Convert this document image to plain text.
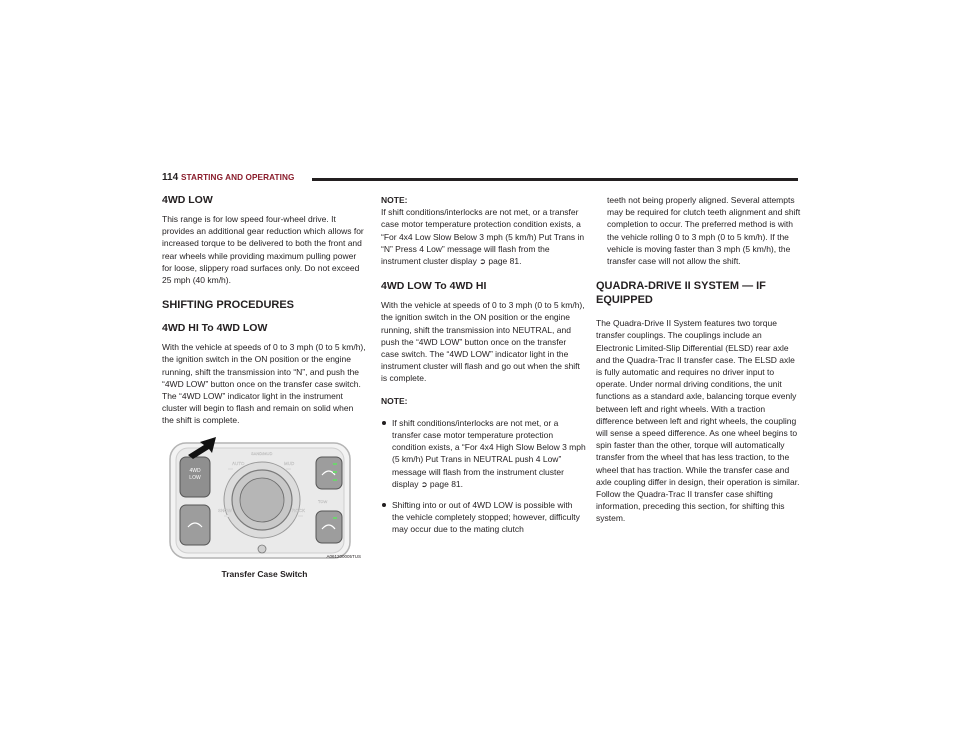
114 STARTING AND OPERATING
4WD LOW

This range is for low speed four-wheel drive. It provides an additional gear reduction which allows for increased torque to be delivered to both the front and rear wheels while providing maximum pulling power for loose, slippery road surfaces only. Do not exceed 25 mph (40 km/h).

SHIFTING PROCEDURES
4WD HI To 4WD LOW

With the vehicle at speeds of 0 to 3 mph (0 to 5 km/h), the ignition switch in the ON position or the engine running, shift the transmission into “N”, and push the “4WD LOW” button once on the transfer case switch. The “4WD LOW” indicator light in the instrument cluster will begin to flash and remain on solid when the shift is complete.

4WD
LOW
AUTO
SAND/MUD
MUD
SNOW	ROCK
TOW
A061200005TUS
Transfer Case Switch

NOTE:

If shift conditions/interlocks are not met, or a transfer case motor temperature protection condition exists, a “For 4x4 Low Slow Below 3 mph (5 km/h) Put Trans in “N” Press 4 Low” message will flash from the instrument cluster display ➲ page 81.

4WD LOW To 4WD HI

With the vehicle at speeds of 0 to 3 mph (0 to 5 km/h), the ignition switch in the ON position or the engine running, shift the transmission into NEUTRAL, and push the “4WD LOW” button once on the transfer case switch. The “4WD LOW” indicator light in the instrument cluster will flash and go out when the shift is complete.

NOTE:

If shift conditions/interlocks are not met, or a transfer case motor temperature protection condition exists, a “For 4x4 High Slow Below 3 mph (5 km/h) Put Trans in NEUTRAL push 4 Low” message will flash from the instrument cluster display ➲ page 81.
Shifting into or out of 4WD LOW is possible with the vehicle completely stopped; however, difficulty may occur due to the mating clutch
teeth not being properly aligned. Several attempts may be required for clutch teeth alignment and shift completion to occur. The preferred method is with the vehicle rolling 0 to 3 mph (0 to 5 km/h). If the vehicle is moving faster than 3 mph (5 km/h), the transfer case will not allow the shift.
QUADRA-DRIVE II SYSTEM — IF
EQUIPPED

The Quadra-Drive II System features two torque transfer couplings. The couplings include an Electronic Limited-Slip Differential (ELSD) rear axle and the Quadra-Trac II transfer case. The ELSD axle is fully automatic and requires no driver input to operate. Under normal driving conditions, the unit functions as a standard axle, balancing torque evenly between left and right wheels. With a traction difference between left and right wheels, the coupling will sense a speed difference. As one wheel begins to spin faster than the other, torque will automatically transfer from the wheel that has less traction, to the wheel that has traction. While the transfer case and axle coupling differ in design, their operation is similar. Follow the Quadra-Trac II transfer case shifting information, preceding this section, for shifting this system.
